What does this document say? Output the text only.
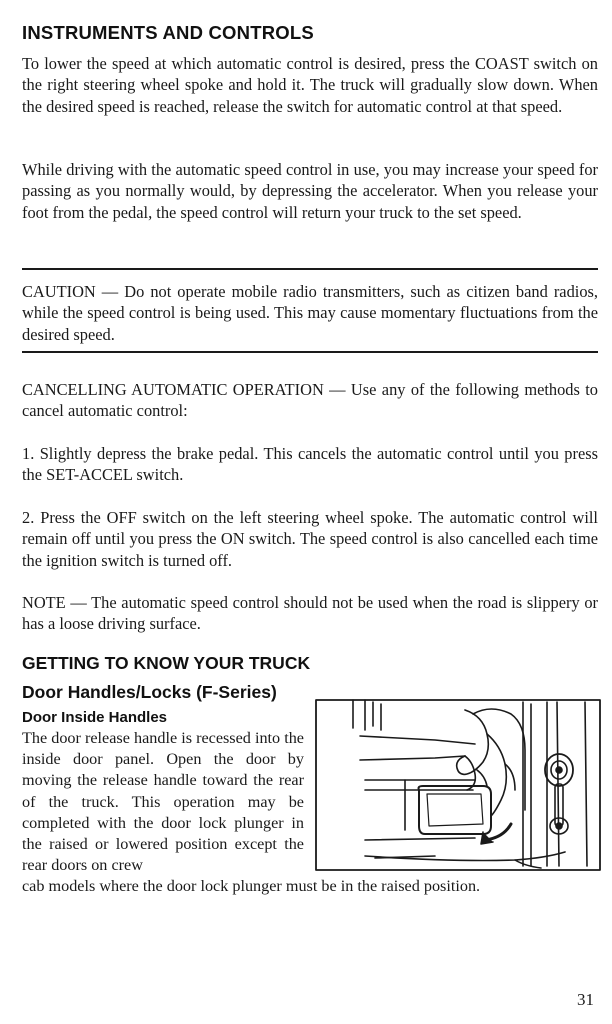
INSTRUMENTS AND CONTROLS

To lower the speed at which automatic control is desired, press the COAST switch on the right steering wheel spoke and hold it. The truck will gradually slow down. When the desired speed is reached, release the switch for automatic control at that speed.

While driving with the automatic speed control in use, you may increase your speed for passing as you normally would, by depressing the accelerator. When you release your foot from the pedal, the speed control will return your truck to the set speed.

CAUTION — Do not operate mobile radio transmitters, such as citizen band radios, while the speed control is being used. This may cause momentary fluctuations from the desired speed.

CANCELLING AUTOMATIC OPERATION — Use any of the following methods to cancel automatic control:

1. Slightly depress the brake pedal. This cancels the automatic control until you press the SET-ACCEL switch.

2. Press the OFF switch on the left steering wheel spoke. The automatic control will remain off until you press the ON switch. The speed control is also cancelled each time the ignition switch is turned off.

NOTE — The automatic speed control should not be used when the road is slippery or has a loose driving surface.

GETTING TO KNOW YOUR TRUCK
Door Handles/Locks (F-Series)
Door Inside Handles

The door release handle is recessed into the inside door panel. Open the door by moving the release handle toward the rear of the truck. This operation may be completed with the door lock plunger in the raised or lowered position except the rear doors on crew

cab models where the door lock plunger must be in the raised position.

31
